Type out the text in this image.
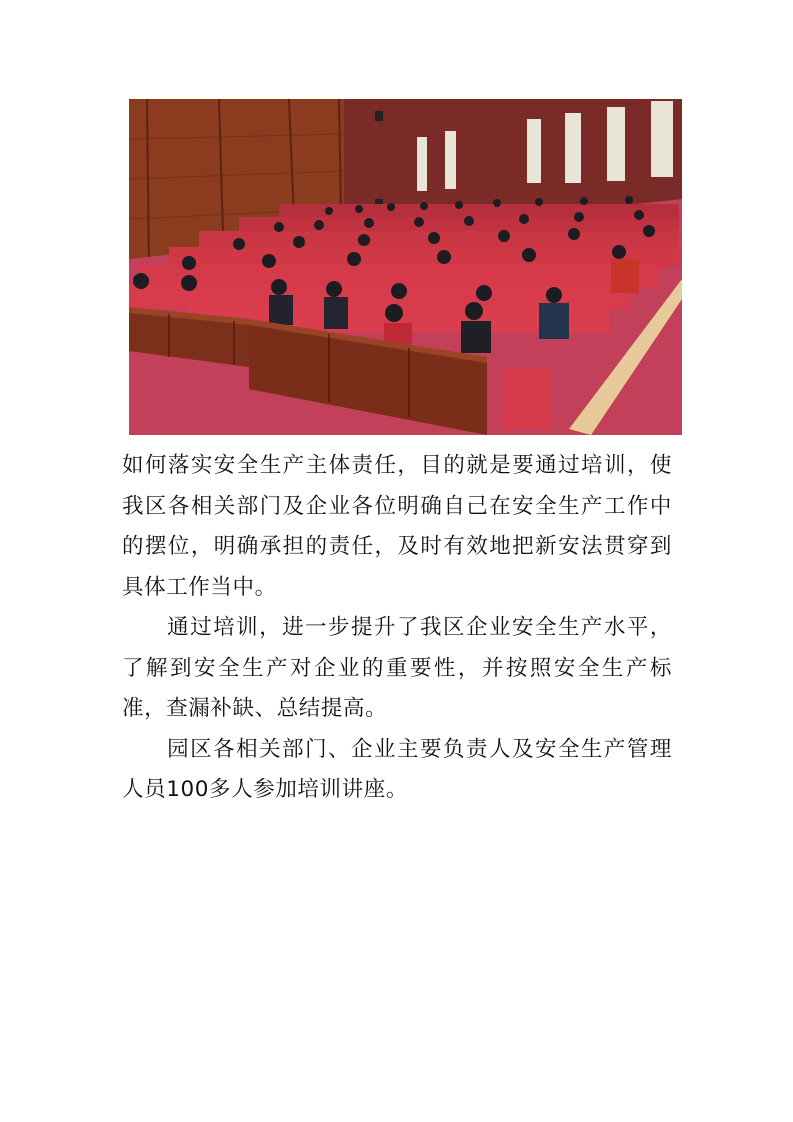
如何落实安全生产主体责任，目的就是要通过培训，使我区各相关部门及企业各位明确自己在安全生产工作中的摆位，明确承担的责任，及时有效地把新安法贯穿到具体工作当中。

通过培训，进一步提升了我区企业安全生产水平，了解到安全生产对企业的重要性，并按照安全生产标准，查漏补缺、总结提高。

园区各相关部门、企业主要负责人及安全生产管理人员100多人参加培训讲座。
